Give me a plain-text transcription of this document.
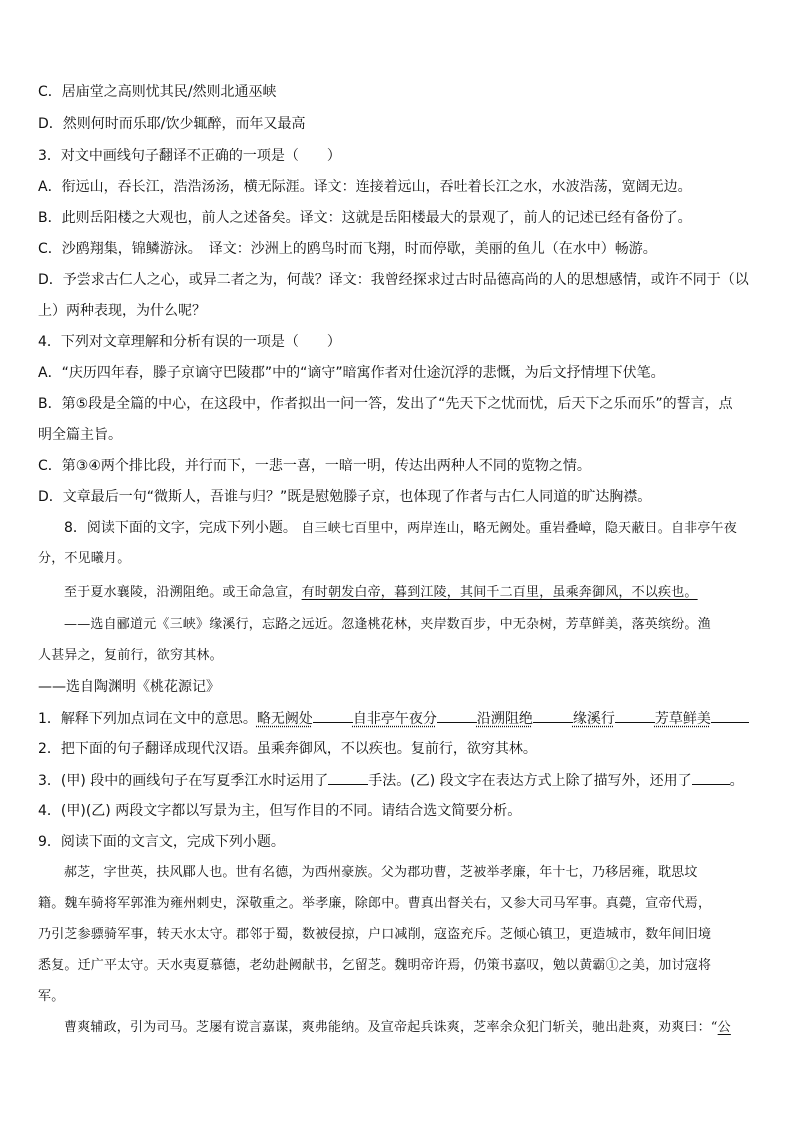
C．居庙堂之高则忧其民/然则北通巫峡
D．然则何时而乐耶/饮少辄醉，而年又最高
3．对文中画线句子翻译不正确的一项是（　　）
A．衔远山，吞长江，浩浩汤汤，横无际涯。译文：连接着远山，吞吐着长江之水，水波浩荡，宽阔无边。
B．此则岳阳楼之大观也，前人之述备矣。译文：这就是岳阳楼最大的景观了，前人的记述已经有备份了。
C．沙鸥翔集，锦鳞游泳。　译文：沙洲上的鸥鸟时而飞翔，时而停歇，美丽的鱼儿（在水中）畅游。
D．予尝求古仁人之心，或异二者之为，何哉？译文：我曾经探求过古时品德高尚的人的思想感情，或许不同于（以
上）两种表现，为什么呢？
4．下列对文章理解和分析有误的一项是（　　）
A．“庆历四年春，滕子京谪守巴陵郡”中的“谪守”暗寓作者对仕途沉浮的悲慨，为后文抒情埋下伏笔。
B．第⑤段是全篇的中心，在这段中，作者拟出一问一答，发出了“先天下之忧而忧，后天下之乐而乐”的誓言，点
明全篇主旨。
C．第③④两个排比段，并行而下，一悲一喜，一暗一明，传达出两种人不同的览物之情。
D．文章最后一句“微斯人，吾谁与归？”既是慰勉滕子京，也体现了作者与古仁人同道的旷达胸襟。
8．阅读下面的文字，完成下列小题。 自三峡七百里中，两岸连山，略无阙处。重岩叠嶂，隐天蔽日。自非亭午夜
分，不见曦月。
至于夏水襄陵，沿溯阻绝。或王命急宣，有时朝发白帝，暮到江陵，其间千二百里，虽乘奔御风，不以疾也。
——选自郦道元《三峡》缘溪行，忘路之远近。忽逢桃花林，夹岸数百步，中无杂树，芳草鲜美，落英缤纷。渔
人甚异之，复前行，欲穷其林。
——选自陶渊明《桃花源记》
1．解释下列加点词在文中的意思。略无阙处	自非亭午夜分	沿溯阻绝	缘溪行	芳草鲜美
2．把下面的句子翻译成现代汉语。虽乘奔御风，不以疾也。复前行，欲穷其林。
3．(甲) 段中的画线句子在写夏季江水时运用了	手法。(乙) 段文字在表达方式上除了描写外，还用了	。
4．(甲)(乙) 两段文字都以写景为主，但写作目的不同。请结合选文简要分析。
9．阅读下面的文言文，完成下列小题。
郝芝，字世英，扶风郿人也。世有名德，为西州豪族。父为郡功曹，芝被举孝廉，年十七，乃移居雍，耽思坟
籍。魏车骑将军郭淮为雍州刺史，深敬重之。举孝廉，除郎中。曹真出督关右，又参大司马军事。真薨，宣帝代焉，
乃引芝参骠骑军事，转天水太守。郡邻于蜀，数被侵掠，户口减削，寇盗充斥。芝倾心镇卫，更造城市，数年间旧境
悉复。迁广平太守。天水夷夏慕德，老幼赴阙献书，乞留芝。魏明帝许焉，仍策书嘉叹，勉以黄霸①之美，加讨寇将
军。
曹爽辅政，引为司马。芝屡有谠言嘉谋，爽弗能纳。及宣帝起兵诛爽，芝率余众犯门斩关，驰出赴爽，劝爽曰：“公
